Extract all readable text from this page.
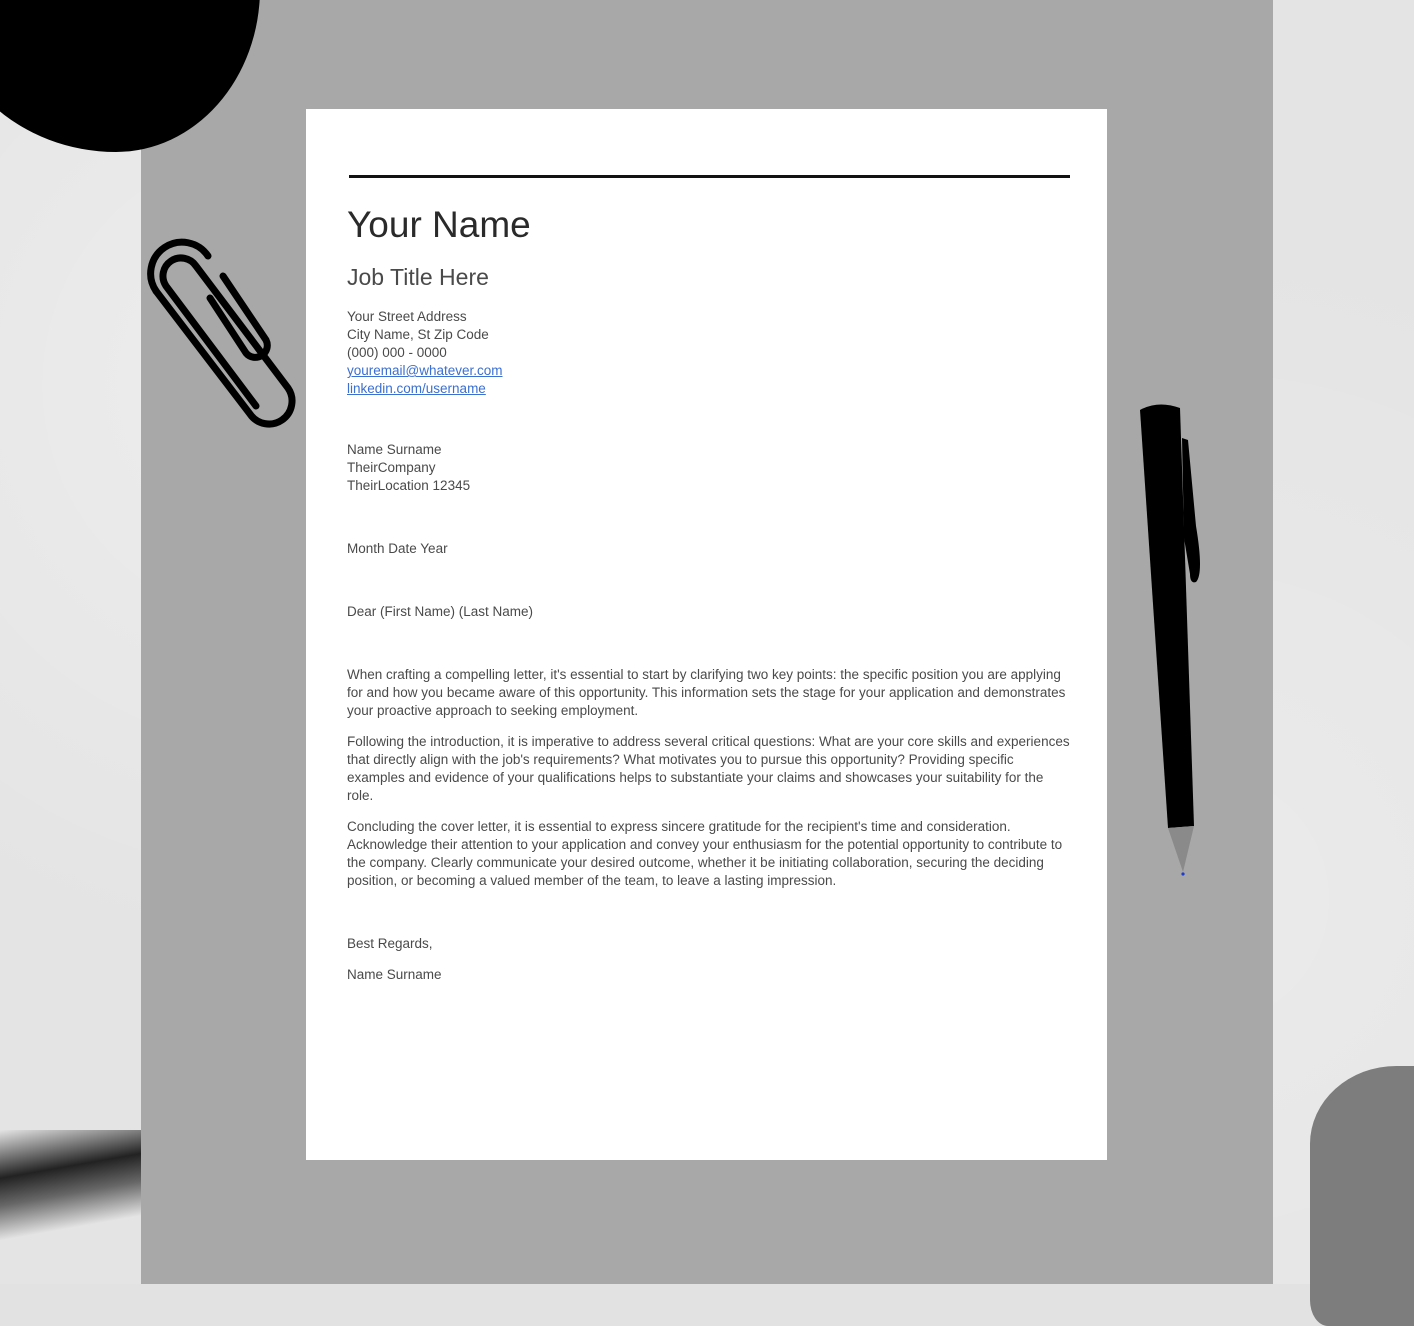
Your Name
Job Title Here
Your Street Address
City Name, St Zip Code
(000) 000 - 0000
youremail@whatever.com
linkedin.com/username
Name Surname
TheirCompany
TheirLocation 12345
Month Date Year
Dear (First Name) (Last Name)

When crafting a compelling letter, it's essential to start by clarifying two key points: the specific position you are applying for and how you became aware of this opportunity. This information sets the stage for your application and demonstrates your proactive approach to seeking employment.

Following the introduction, it is imperative to address several critical questions: What are your core skills and experiences that directly align with the job's requirements? What motivates you to pursue this opportunity? Providing specific examples and evidence of your qualifications helps to substantiate your claims and showcases your suitability for the role.

Concluding the cover letter, it is essential to express sincere gratitude for the recipient's time and consideration. Acknowledge their attention to your application and convey your enthusiasm for the potential opportunity to contribute to the company. Clearly communicate your desired outcome, whether it be initiating collaboration, securing the deciding position, or becoming a valued member of the team, to leave a lasting impression.

Best Regards,
Name Surname
